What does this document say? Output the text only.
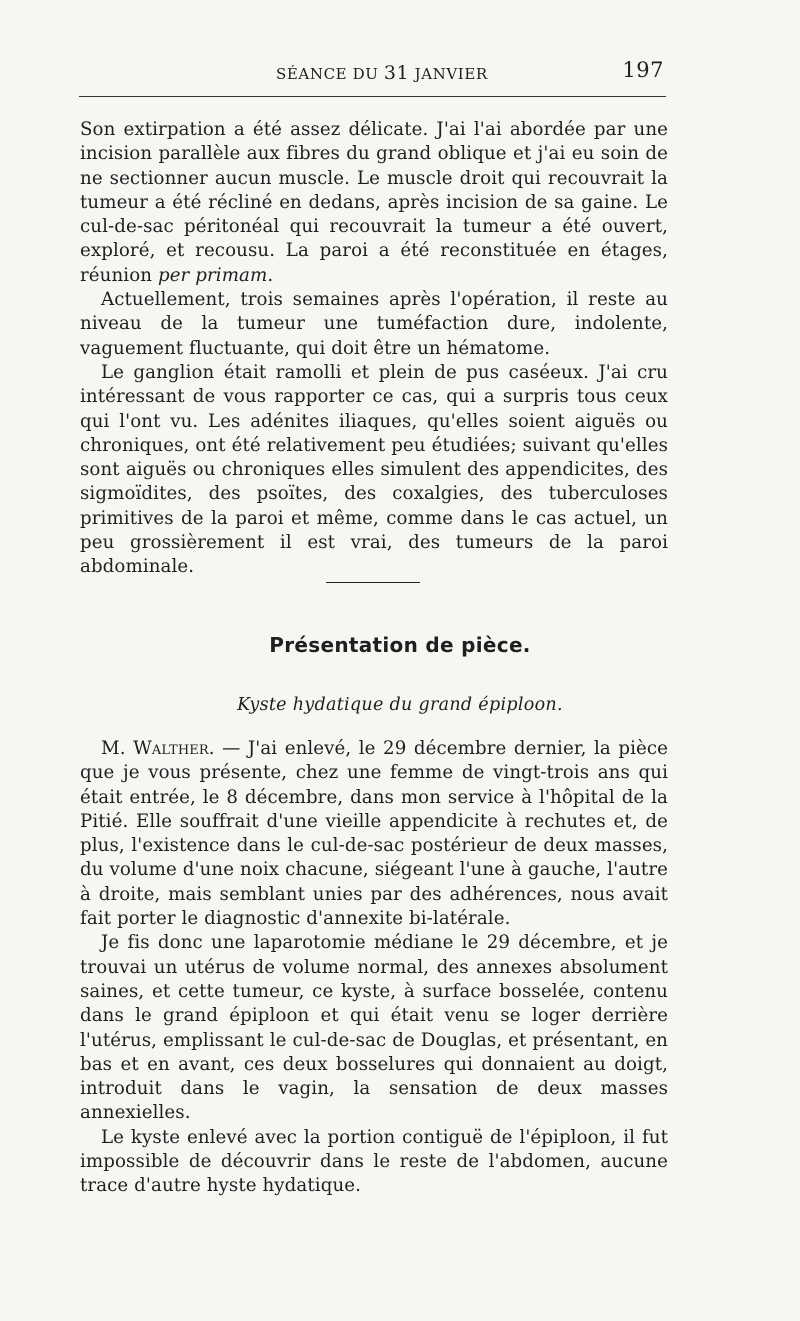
SÉANCE DU 31 JANVIER	197

Son extirpation a été assez délicate. J'ai l'ai abordée par une incision parallèle aux fibres du grand oblique et j'ai eu soin de ne sectionner aucun muscle. Le muscle droit qui recouvrait la tumeur a été récliné en dedans, après incision de sa gaine. Le cul-de-sac péritonéal qui recouvrait la tumeur a été ouvert, exploré, et recousu. La paroi a été reconstituée en étages, réunion per primam.

Actuellement, trois semaines après l'opération, il reste au niveau de la tumeur une tuméfaction dure, indolente, vaguement fluctuante, qui doit être un hématome.

Le ganglion était ramolli et plein de pus caséeux. J'ai cru intéressant de vous rapporter ce cas, qui a surpris tous ceux qui l'ont vu. Les adénites iliaques, qu'elles soient aiguës ou chroniques, ont été relativement peu étudiées; suivant qu'elles sont aiguës ou chroniques elles simulent des appendicites, des sigmoïdites, des psoïtes, des coxalgies, des tuberculoses primitives de la paroi et même, comme dans le cas actuel, un peu grossièrement il est vrai, des tumeurs de la paroi abdominale.

Présentation de pièce.
Kyste hydatique du grand épiploon.

M. Walther. — J'ai enlevé, le 29 décembre dernier, la pièce que je vous présente, chez une femme de vingt-trois ans qui était entrée, le 8 décembre, dans mon service à l'hôpital de la Pitié. Elle souffrait d'une vieille appendicite à rechutes et, de plus, l'existence dans le cul-de-sac postérieur de deux masses, du volume d'une noix chacune, siégeant l'une à gauche, l'autre à droite, mais semblant unies par des adhérences, nous avait fait porter le diagnostic d'annexite bi-latérale.

Je fis donc une laparotomie médiane le 29 décembre, et je trouvai un utérus de volume normal, des annexes absolument saines, et cette tumeur, ce kyste, à surface bosselée, contenu dans le grand épiploon et qui était venu se loger derrière l'utérus, emplissant le cul-de-sac de Douglas, et présentant, en bas et en avant, ces deux bosselures qui donnaient au doigt, introduit dans le vagin, la sensation de deux masses annexielles.

Le kyste enlevé avec la portion contiguë de l'épiploon, il fut impossible de découvrir dans le reste de l'abdomen, aucune trace d'autre hyste hydatique.
